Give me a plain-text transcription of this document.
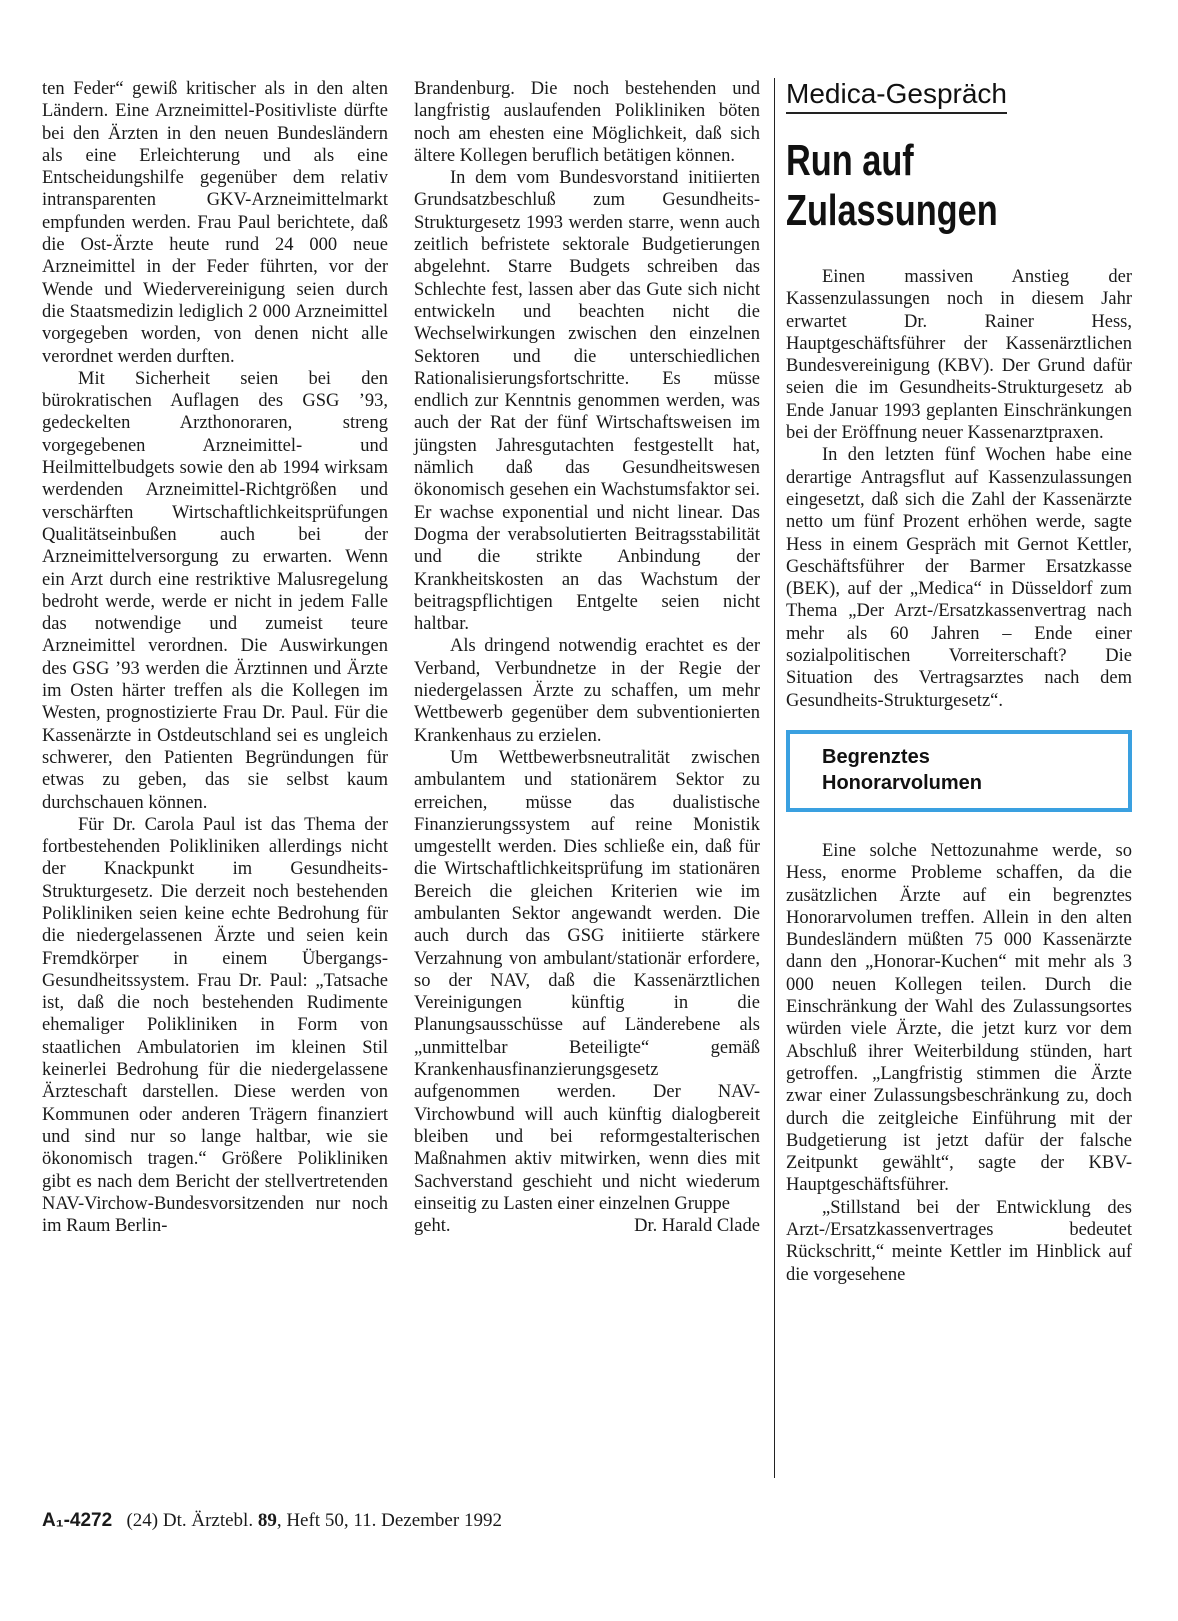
ten Feder“ gewiß kritischer als in den alten Ländern. Eine Arzneimittel-Positivliste dürfte bei den Ärzten in den neuen Bundesländern als eine Erleichterung und als eine Entscheidungshilfe gegenüber dem relativ intransparenten GKV-Arzneimittelmarkt empfunden werden. Frau Paul berichtete, daß die Ost-Ärzte heute rund 24 000 neue Arzneimittel in der Feder führten, vor der Wende und Wiedervereinigung seien durch die Staatsmedizin lediglich 2 000 Arzneimittel vorgegeben worden, von denen nicht alle verordnet werden durften.

Mit Sicherheit seien bei den bürokratischen Auflagen des GSG ’93, gedeckelten Arzthonoraren, streng vorgegebenen Arzneimittel- und Heilmittelbudgets sowie den ab 1994 wirksam werdenden Arzneimittel-Richtgrößen und verschärften Wirtschaftlichkeitsprüfungen Qualitätseinbußen auch bei der Arzneimittelversorgung zu erwarten. Wenn ein Arzt durch eine restriktive Malusregelung bedroht werde, werde er nicht in jedem Falle das notwendige und zumeist teure Arzneimittel verordnen. Die Auswirkungen des GSG ’93 werden die Ärztinnen und Ärzte im Osten härter treffen als die Kollegen im Westen, prognostizierte Frau Dr. Paul. Für die Kassenärzte in Ostdeutschland sei es ungleich schwerer, den Patienten Begründungen für etwas zu geben, das sie selbst kaum durchschauen können.

Für Dr. Carola Paul ist das Thema der fortbestehenden Polikliniken allerdings nicht der Knackpunkt im Gesundheits-Strukturgesetz. Die derzeit noch bestehenden Polikliniken seien keine echte Bedrohung für die niedergelassenen Ärzte und seien kein Fremdkörper in einem Übergangs-Gesundheitssystem. Frau Dr. Paul: „Tatsache ist, daß die noch bestehenden Rudimente ehemaliger Polikliniken in Form von staatlichen Ambulatorien im kleinen Stil keinerlei Bedrohung für die niedergelassene Ärzteschaft darstellen. Diese werden von Kommunen oder anderen Trägern finanziert und sind nur so lange haltbar, wie sie ökonomisch tragen.“ Größere Polikliniken gibt es nach dem Bericht der stellvertretenden NAV-Virchow-Bundesvorsitzenden nur noch im Raum Berlin-

Brandenburg. Die noch bestehenden und langfristig auslaufenden Polikliniken böten noch am ehesten eine Möglichkeit, daß sich ältere Kollegen beruflich betätigen können.

In dem vom Bundesvorstand initiierten Grundsatzbeschluß zum Gesundheits-Strukturgesetz 1993 werden starre, wenn auch zeitlich befristete sektorale Budgetierungen abgelehnt. Starre Budgets schreiben das Schlechte fest, lassen aber das Gute sich nicht entwickeln und beachten nicht die Wechselwirkungen zwischen den einzelnen Sektoren und die unterschiedlichen Rationalisierungsfortschritte. Es müsse endlich zur Kenntnis genommen werden, was auch der Rat der fünf Wirtschaftsweisen im jüngsten Jahresgutachten festgestellt hat, nämlich daß das Gesundheitswesen ökonomisch gesehen ein Wachstumsfaktor sei. Er wachse exponential und nicht linear. Das Dogma der verabsolutierten Beitragsstabilität und die strikte Anbindung der Krankheitskosten an das Wachstum der beitragspflichtigen Entgelte seien nicht haltbar.

Als dringend notwendig erachtet es der Verband, Verbundnetze in der Regie der niedergelassen Ärzte zu schaffen, um mehr Wettbewerb gegenüber dem subventionierten Krankenhaus zu erzielen.

Um Wettbewerbsneutralität zwischen ambulantem und stationärem Sektor zu erreichen, müsse das dualistische Finanzierungssystem auf reine Monistik umgestellt werden. Dies schließe ein, daß für die Wirtschaftlichkeitsprüfung im stationären Bereich die gleichen Kriterien wie im ambulanten Sektor angewandt werden. Die auch durch das GSG initiierte stärkere Verzahnung von ambulant/stationär erfordere, so der NAV, daß die Kassenärztlichen Vereinigungen künftig in die Planungsausschüsse auf Länderebene als „unmittelbar Beteiligte“ gemäß Krankenhausfinanzierungsgesetz aufgenommen werden. Der NAV-Virchowbund will auch künftig dialogbereit bleiben und bei reformgestalterischen Maßnahmen aktiv mitwirken, wenn dies mit Sachverstand geschieht und nicht wiederum einseitig zu Lasten einer einzelnen Gruppe

geht.	Dr. Harald Clade

Medica-Gespräch
Run auf
Zulassungen

Einen massiven Anstieg der Kassenzulassungen noch in diesem Jahr erwartet Dr. Rainer Hess, Hauptgeschäftsführer der Kassenärztlichen Bundesvereinigung (KBV). Der Grund dafür seien die im Gesundheits-Strukturgesetz ab Ende Januar 1993 geplanten Einschränkungen bei der Eröffnung neuer Kassenarztpraxen.

In den letzten fünf Wochen habe eine derartige Antragsflut auf Kassenzulassungen eingesetzt, daß sich die Zahl der Kassenärzte netto um fünf Prozent erhöhen werde, sagte Hess in einem Gespräch mit Gernot Kettler, Geschäftsführer der Barmer Ersatzkasse (BEK), auf der „Medica“ in Düsseldorf zum Thema „Der Arzt-/Ersatzkassenvertrag nach mehr als 60 Jahren – Ende einer sozialpolitischen Vorreiterschaft? Die Situation des Vertragsarztes nach dem Gesundheits-Strukturgesetz“.

Begrenztes
Honorarvolumen

Eine solche Nettozunahme werde, so Hess, enorme Probleme schaffen, da die zusätzlichen Ärzte auf ein begrenztes Honorarvolumen treffen. Allein in den alten Bundesländern müßten 75 000 Kassenärzte dann den „Honorar-Kuchen“ mit mehr als 3 000 neuen Kollegen teilen. Durch die Einschränkung der Wahl des Zulassungsortes würden viele Ärzte, die jetzt kurz vor dem Abschluß ihrer Weiterbildung stünden, hart getroffen. „Langfristig stimmen die Ärzte zwar einer Zulassungsbeschränkung zu, doch durch die zeitgleiche Einführung mit der Budgetierung ist jetzt dafür der falsche Zeitpunkt gewählt“, sagte der KBV-Hauptgeschäftsführer.

„Stillstand bei der Entwicklung des Arzt-/Ersatzkassenvertrages bedeutet Rückschritt,“ meinte Kettler im Hinblick auf die vorgesehene

A₁-4272 (24) Dt. Ärztebl. 89, Heft 50, 11. Dezember 1992
